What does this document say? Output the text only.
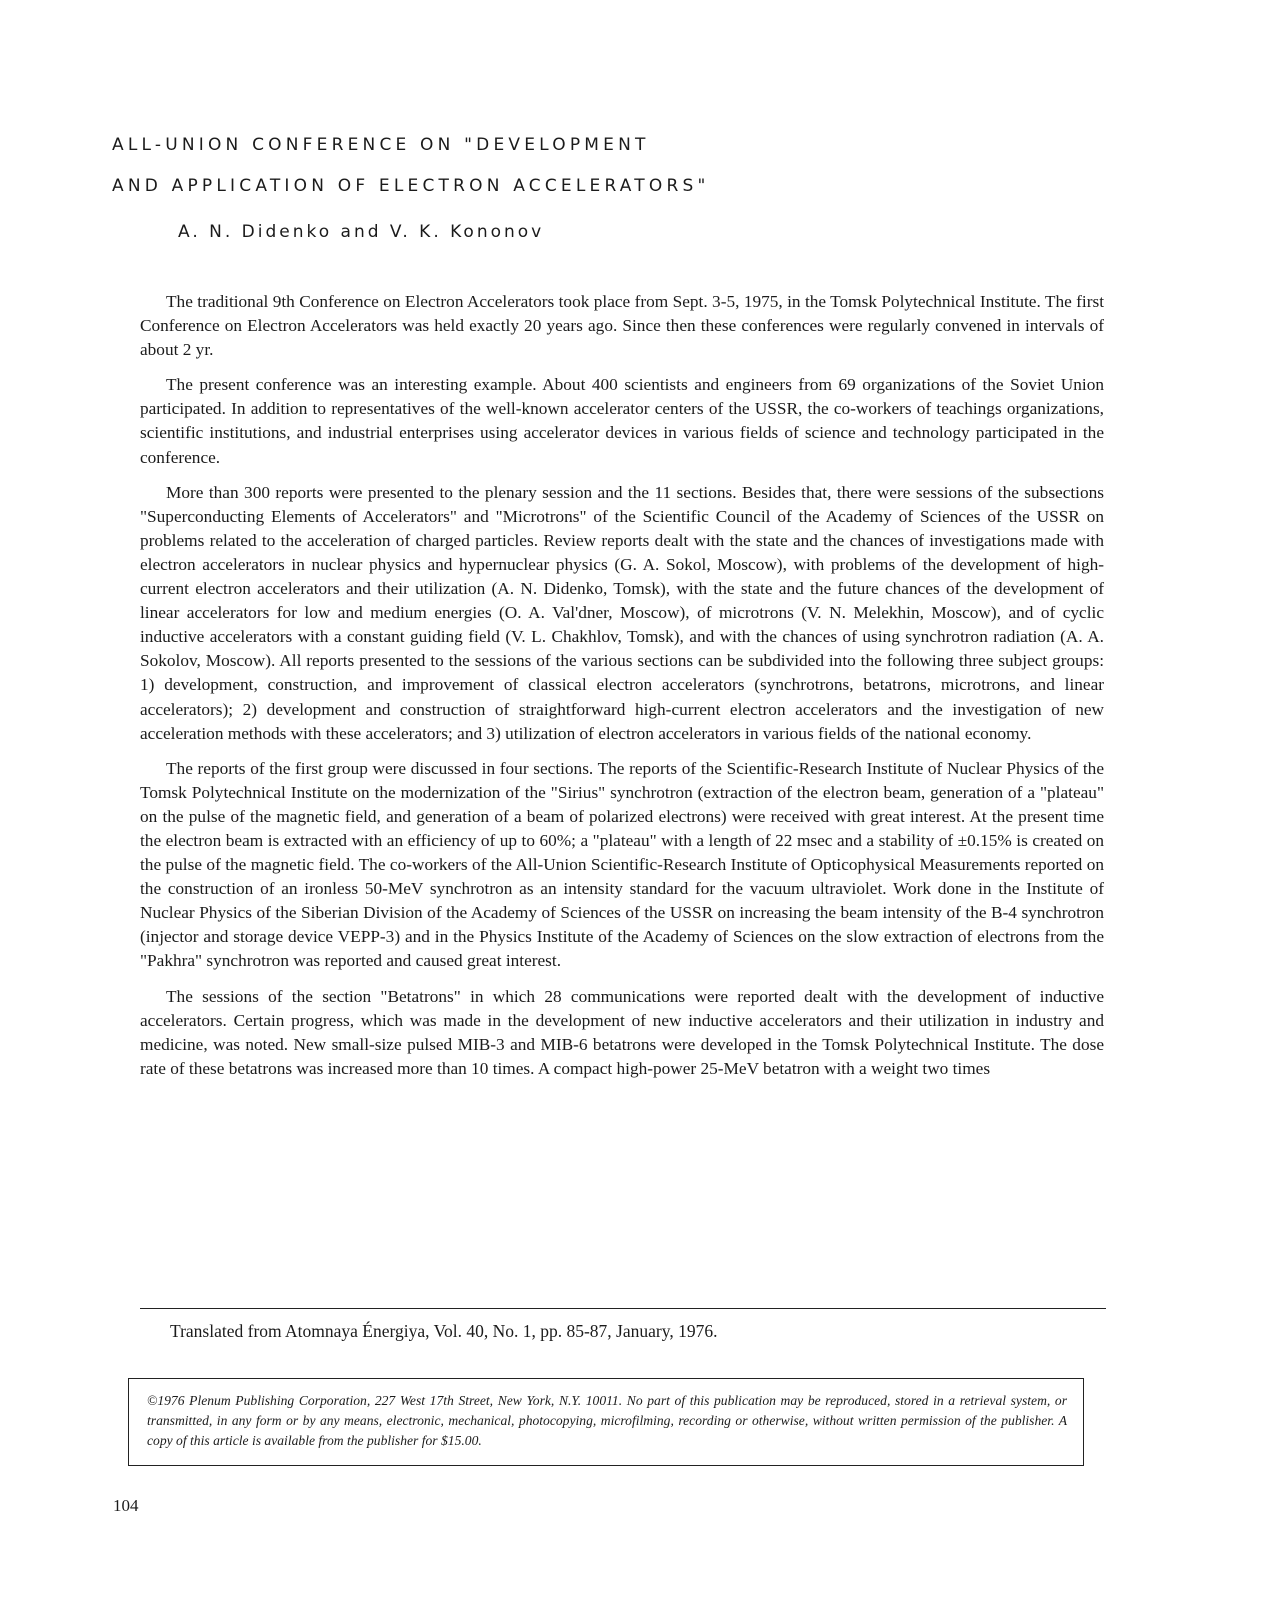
ALL-UNION CONFERENCE ON "DEVELOPMENT
AND APPLICATION OF ELECTRON ACCELERATORS"
A. N. Didenko and V. K. Kononov

The traditional 9th Conference on Electron Accelerators took place from Sept. 3-5, 1975, in the Tomsk Polytechnical Institute. The first Conference on Electron Accelerators was held exactly 20 years ago. Since then these conferences were regularly convened in intervals of about 2 yr.

The present conference was an interesting example. About 400 scientists and engineers from 69 organizations of the Soviet Union participated. In addition to representatives of the well-known accelerator centers of the USSR, the co-workers of teachings organizations, scientific institutions, and industrial enterprises using accelerator devices in various fields of science and technology participated in the conference.

More than 300 reports were presented to the plenary session and the 11 sections. Besides that, there were sessions of the subsections "Superconducting Elements of Accelerators" and "Microtrons" of the Scientific Council of the Academy of Sciences of the USSR on problems related to the acceleration of charged particles. Review reports dealt with the state and the chances of investigations made with electron accelerators in nuclear physics and hypernuclear physics (G. A. Sokol, Moscow), with problems of the development of high-current electron accelerators and their utilization (A. N. Didenko, Tomsk), with the state and the future chances of the development of linear accelerators for low and medium energies (O. A. Val'dner, Moscow), of microtrons (V. N. Melekhin, Moscow), and of cyclic inductive accelerators with a constant guiding field (V. L. Chakhlov, Tomsk), and with the chances of using synchrotron radiation (A. A. Sokolov, Moscow). All reports presented to the sessions of the various sections can be subdivided into the following three subject groups: 1) development, construction, and improvement of classical electron accelerators (synchrotrons, betatrons, microtrons, and linear accelerators); 2) development and construction of straightforward high-current electron accelerators and the investigation of new acceleration methods with these accelerators; and 3) utilization of electron accelerators in various fields of the national economy.

The reports of the first group were discussed in four sections. The reports of the Scientific-Research Institute of Nuclear Physics of the Tomsk Polytechnical Institute on the modernization of the "Sirius" synchrotron (extraction of the electron beam, generation of a "plateau" on the pulse of the magnetic field, and generation of a beam of polarized electrons) were received with great interest. At the present time the electron beam is extracted with an efficiency of up to 60%; a "plateau" with a length of 22 msec and a stability of ±0.15% is created on the pulse of the magnetic field. The co-workers of the All-Union Scientific-Research Institute of Opticophysical Measurements reported on the construction of an ironless 50-MeV synchrotron as an intensity standard for the vacuum ultraviolet. Work done in the Institute of Nuclear Physics of the Siberian Division of the Academy of Sciences of the USSR on increasing the beam intensity of the B-4 synchrotron (injector and storage device VEPP-3) and in the Physics Institute of the Academy of Sciences on the slow extraction of electrons from the "Pakhra" synchrotron was reported and caused great interest.

The sessions of the section "Betatrons" in which 28 communications were reported dealt with the development of inductive accelerators. Certain progress, which was made in the development of new inductive accelerators and their utilization in industry and medicine, was noted. New small-size pulsed MIB-3 and MIB-6 betatrons were developed in the Tomsk Polytechnical Institute. The dose rate of these betatrons was increased more than 10 times. A compact high-power 25-MeV betatron with a weight two times

Translated from Atomnaya Énergiya, Vol. 40, No. 1, pp. 85-87, January, 1976.
©1976 Plenum Publishing Corporation, 227 West 17th Street, New York, N.Y. 10011. No part of this publication may be reproduced, stored in a retrieval system, or transmitted, in any form or by any means, electronic, mechanical, photocopying, microfilming, recording or otherwise, without written permission of the publisher. A copy of this article is available from the publisher for $15.00.
104
